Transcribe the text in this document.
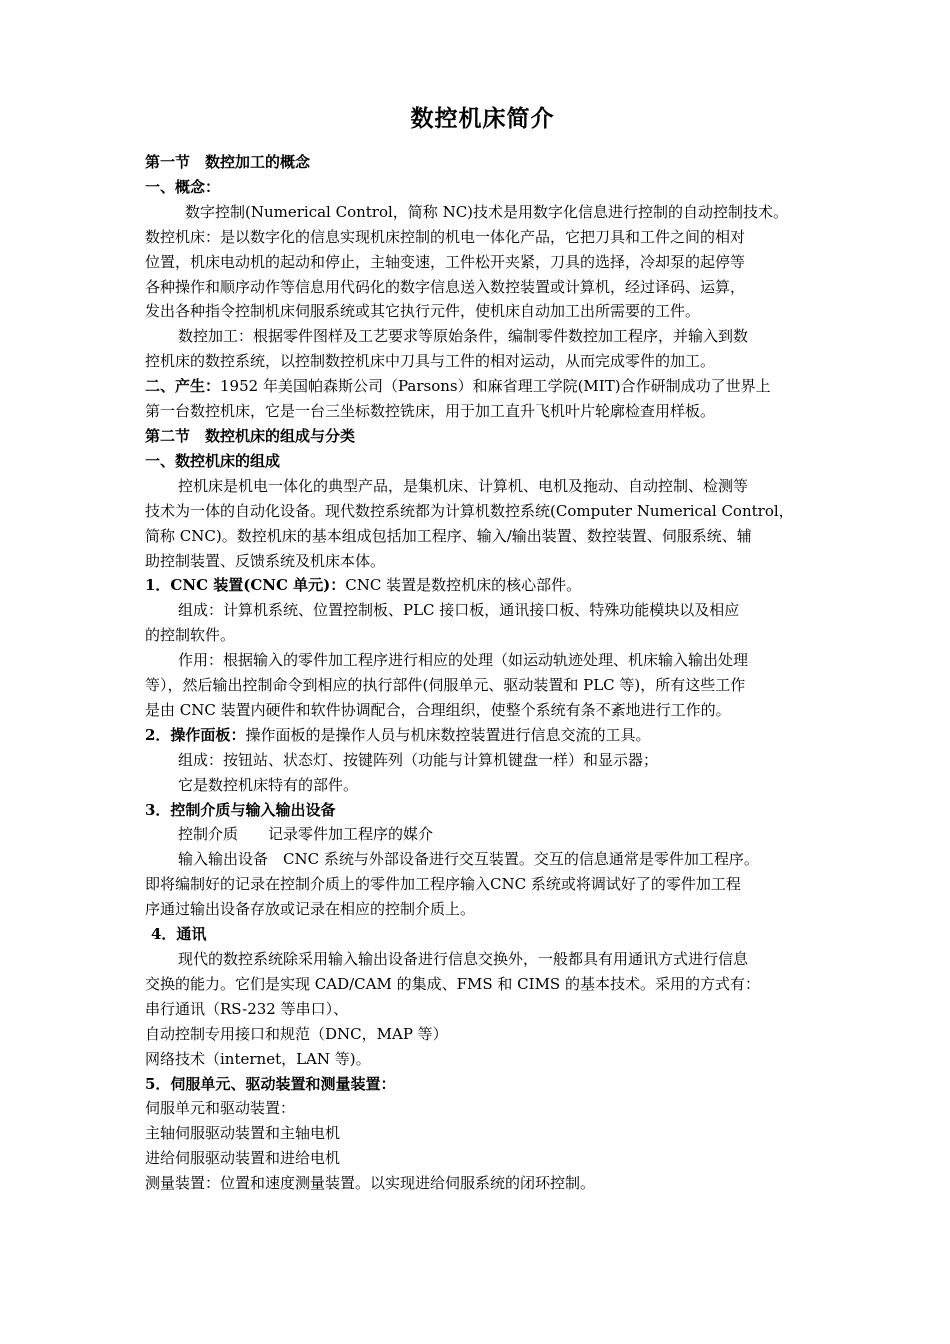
数控机床简介
第一节　数控加工的概念
一、概念：
数字控制(Numerical Control，简称 NC)技术是用数字化信息进行控制的自动控制技术。
数控机床：是以数字化的信息实现机床控制的机电一体化产品，它把刀具和工件之间的相对
位置，机床电动机的起动和停止，主轴变速，工件松开夹紧，刀具的选择，冷却泵的起停等
各种操作和顺序动作等信息用代码化的数字信息送入数控装置或计算机，经过译码、运算，
发出各种指令控制机床伺服系统或其它执行元件，使机床自动加工出所需要的工件。
数控加工：根据零件图样及工艺要求等原始条件，编制零件数控加工程序，并输入到数
控机床的数控系统，以控制数控机床中刀具与工件的相对运动，从而完成零件的加工。
二、产生：1952 年美国帕森斯公司（Parsons）和麻省理工学院(MIT)合作研制成功了世界上
第一台数控机床，它是一台三坐标数控铣床，用于加工直升飞机叶片轮廓检查用样板。
第二节　数控机床的组成与分类
一、数控机床的组成
控机床是机电一体化的典型产品，是集机床、计算机、电机及拖动、自动控制、检测等
技术为一体的自动化设备。现代数控系统都为计算机数控系统(Computer Numerical Control，
简称 CNC)。数控机床的基本组成包括加工程序、输入/输出装置、数控装置、伺服系统、辅
助控制装置、反馈系统及机床本体。
1．CNC 装置(CNC 单元)：CNC 装置是数控机床的核心部件。
组成：计算机系统、位置控制板、PLC 接口板，通讯接口板、特殊功能模块以及相应
的控制软件。
作用：根据输入的零件加工程序进行相应的处理（如运动轨迹处理、机床输入输出处理
等），然后输出控制命令到相应的执行部件(伺服单元、驱动装置和 PLC 等)，所有这些工作
是由 CNC 装置内硬件和软件协调配合，合理组织，使整个系统有条不紊地进行工作的。
2．操作面板：操作面板的是操作人员与机床数控装置进行信息交流的工具。
组成：按钮站、状态灯、按键阵列（功能与计算机键盘一样）和显示器；
它是数控机床特有的部件。
3．控制介质与输入输出设备
控制介质　　记录零件加工程序的媒介
输入输出设备　CNC 系统与外部设备进行交互装置。交互的信息通常是零件加工程序。
即将编制好的记录在控制介质上的零件加工程序输入CNC 系统或将调试好了的零件加工程
序通过输出设备存放或记录在相应的控制介质上。
4．通讯
现代的数控系统除采用输入输出设备进行信息交换外，一般都具有用通讯方式进行信息
交换的能力。它们是实现 CAD/CAM 的集成、FMS 和 CIMS 的基本技术。采用的方式有：
串行通讯（RS-232 等串口）、
自动控制专用接口和规范（DNC，MAP 等）
网络技术（internet，LAN 等)。
5．伺服单元、驱动装置和测量装置：
伺服单元和驱动装置：
主轴伺服驱动装置和主轴电机
进给伺服驱动装置和进给电机
测量装置：位置和速度测量装置。以实现进给伺服系统的闭环控制。
